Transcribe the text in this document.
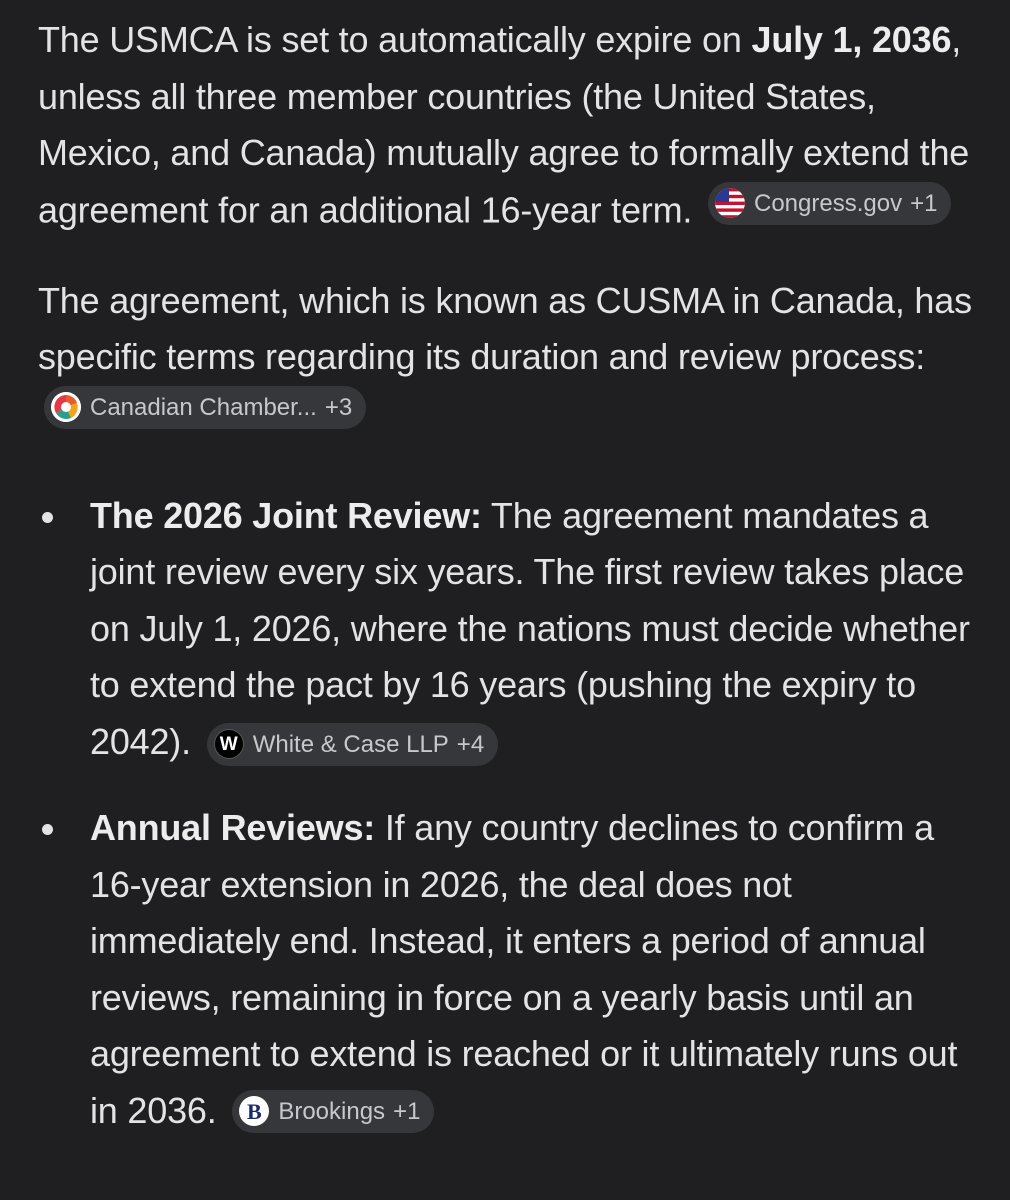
The USMCA is set to automatically expire on July 1, 2036, unless all three member countries (the United States, Mexico, and Canada) mutually agree to formally extend the agreement for an additional 16-year term.	Congress.gov +1

The agreement, which is known as CUSMA in Canada, has specific terms regarding its duration and review process:
Canadian Chamber... +3

The 2026 Joint Review: The agreement mandates a joint review every six years. The first review takes place on July 1, 2026, where the nations must decide whether to extend the pact by 16 years (pushing the expiry to 2042).	W White & Case LLP +4
Annual Reviews: If any country declines to confirm a 16-year extension in 2026, the deal does not immediately end. Instead, it enters a period of annual reviews, remaining in force on a yearly basis until an agreement to extend is reached or it ultimately runs out in 2036.	B Brookings +1
